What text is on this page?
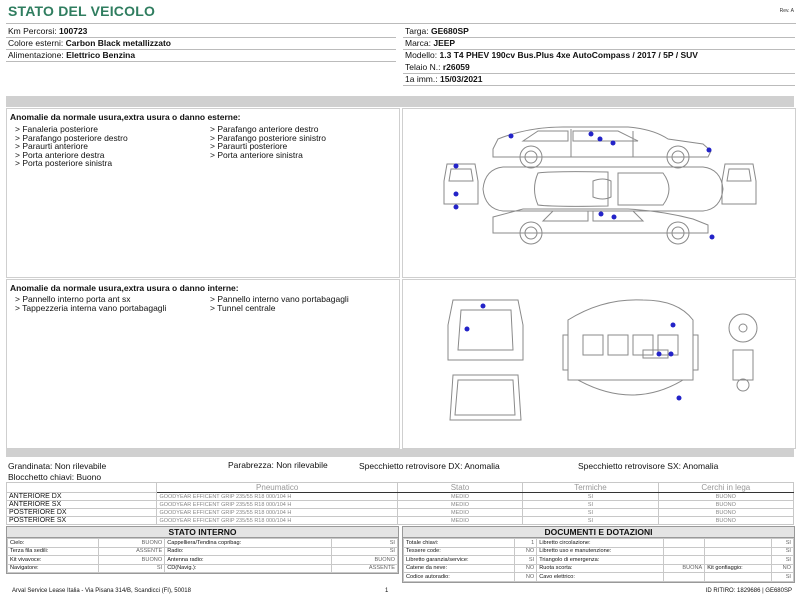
STATO DEL VEICOLO	Rev. A
Km Percorsi: 100723
Colore esterni: Carbon Black metallizzato
Alimentazione: Elettrico Benzina
Targa: GE680SP
Marca: JEEP
Modello: 1.3 T4 PHEV 190cv Bus.Plus 4xe AutoCompass / 2017 / 5P / SUV
Telaio N.: r26059
1a imm.: 15/03/2021
Anomalie da normale usura,extra usura o danno esterne:
> Fanaleria posteriore
> Parafango posteriore destro
> Paraurti anteriore
> Porta anteriore destra
> Porta posteriore sinistra
> Parafango anteriore destro
> Parafango posteriore sinistro
> Paraurti posteriore
> Porta anteriore sinistra
Anomalie da normale usura,extra usura o danno interne:
> Pannello interno porta ant sx
> Tappezzeria interna vano portabagagli
> Pannello interno vano portabagagli
> Tunnel centrale
Grandinata: Non rilevabile
Blocchetto chiavi: Buono
Parabrezza: Non rilevabile	Specchietto retrovisore DX: Anomalia	Specchietto retrovisore SX: Anomalia
	Pneumatico	Stato	Termiche	Cerchi in lega
ANTERIORE DX	GOODYEAR EFFICENT GRIP 235/55 R18 000/104 H	MEDIO	SI	BUONO
ANTERIORE SX	GOODYEAR EFFICENT GRIP 235/55 R18 000/104 H	MEDIO	SI	BUONO
POSTERIORE DX	GOODYEAR EFFICENT GRIP 235/55 R18 000/104 H	MEDIO	SI	BUONO
POSTERIORE SX	GOODYEAR EFFICENT GRIP 235/55 R18 000/104 H	MEDIO	SI	BUONO
STATO INTERNO
Cielo:	BUONO	Cappelliera/Tendina copribag:	SI
Terza fila sedili:	ASSENTE	Radio:	SI
Kit vivavoce:	BUONO	Antenna radio:	BUONO
Navigatore:	SI	CD(Navig.):	ASSENTE
DOCUMENTI E DOTAZIONI
Totale chiavi:	1	Libretto circolazione:			SI
Tessere code:	NO	Libretto uso e manutenzione:			SI
Libretto garanzia/service:	SI	Triangolo di emergenza:			SI
Catene da neve:	NO	Ruota scorta:	BUONA	Kit gonfiaggio:	NO
Codice autoradio:	NO	Cavo elettrico:			SI
Arval Service Lease Italia - Via Pisana 314/B, Scandicci (FI), 50018	1	ID RITIRO: 1829686 | GE680SP
